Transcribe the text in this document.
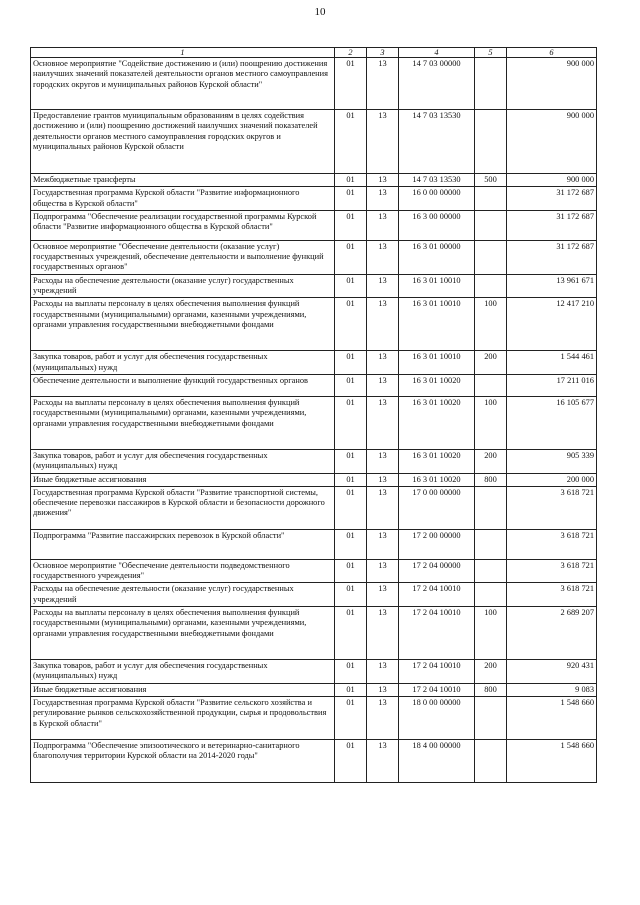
10
1	2	3	4	5	6
Основное мероприятие "Содействие достижению и (или) поощрению достижения наилучших значений показателей деятельности органов местного самоуправления городских округов и муниципальных районов Курской области"	01	13	14 7 03 00000		900 000
Предоставление грантов муниципальным образованиям в целях содействия достижению и (или) поощрению достижений наилучших значений показателей деятельности органов местного самоуправления городских округов и муниципальных районов Курской области	01	13	14 7 03 13530		900 000
Межбюджетные трансферты	01	13	14 7 03 13530	500	900 000
Государственная программа Курской области "Развитие информационного общества в Курской области"	01	13	16 0 00 00000		31 172 687
Подпрограмма "Обеспечение реализации государственной программы Курской области "Развитие информационного общества в Курской области"	01	13	16 3 00 00000		31 172 687
Основное мероприятие "Обеспечение деятельности (оказание услуг) государственных учреждений, обеспечение деятельности и выполнение функций государственных органов"	01	13	16 3 01 00000		31 172 687
Расходы на обеспечение деятельности (оказание услуг) государственных учреждений	01	13	16 3 01 10010		13 961 671
Расходы на выплаты персоналу в целях обеспечения выполнения функций государственными (муниципальными) органами, казенными учреждениями, органами управления государственными внебюджетными фондами	01	13	16 3 01 10010	100	12 417 210
Закупка товаров, работ и услуг для обеспечения государственных (муниципальных) нужд	01	13	16 3 01 10010	200	1 544 461
Обеспечение деятельности и выполнение функций государственных органов	01	13	16 3 01 10020		17 211 016
Расходы на выплаты персоналу в целях обеспечения выполнения функций государственными (муниципальными) органами, казенными учреждениями, органами управления государственными внебюджетными фондами	01	13	16 3 01 10020	100	16 105 677
Закупка товаров, работ и услуг для обеспечения государственных (муниципальных) нужд	01	13	16 3 01 10020	200	905 339
Иные бюджетные ассигнования	01	13	16 3 01 10020	800	200 000
Государственная программа Курской области "Развитие транспортной системы, обеспечение перевозки пассажиров в Курской области и безопасности дорожного движения"	01	13	17 0 00 00000		3 618 721
Подпрограмма "Развитие пассажирских перевозок в Курской области"	01	13	17 2 00 00000		3 618 721
Основное мероприятие "Обеспечение деятельности подведомственного государственного учреждения"	01	13	17 2 04 00000		3 618 721
Расходы на обеспечение деятельности (оказание услуг) государственных учреждений	01	13	17 2 04 10010		3 618 721
Расходы на выплаты персоналу в целях обеспечения выполнения функций государственными (муниципальными) органами, казенными учреждениями, органами управления государственными внебюджетными фондами	01	13	17 2 04 10010	100	2 689 207
Закупка товаров, работ и услуг для обеспечения государственных (муниципальных) нужд	01	13	17 2 04 10010	200	920 431
Иные бюджетные ассигнования	01	13	17 2 04 10010	800	9 083
Государственная программа Курской области "Развитие сельского хозяйства и регулирование рынков сельскохозяйственной продукции, сырья и продовольствия в Курской области"	01	13	18 0 00 00000		1 548 660
Подпрограмма "Обеспечение эпизоотического и ветеринарно-санитарного благополучия территории Курской области на 2014-2020 годы"	01	13	18 4 00 00000		1 548 660
